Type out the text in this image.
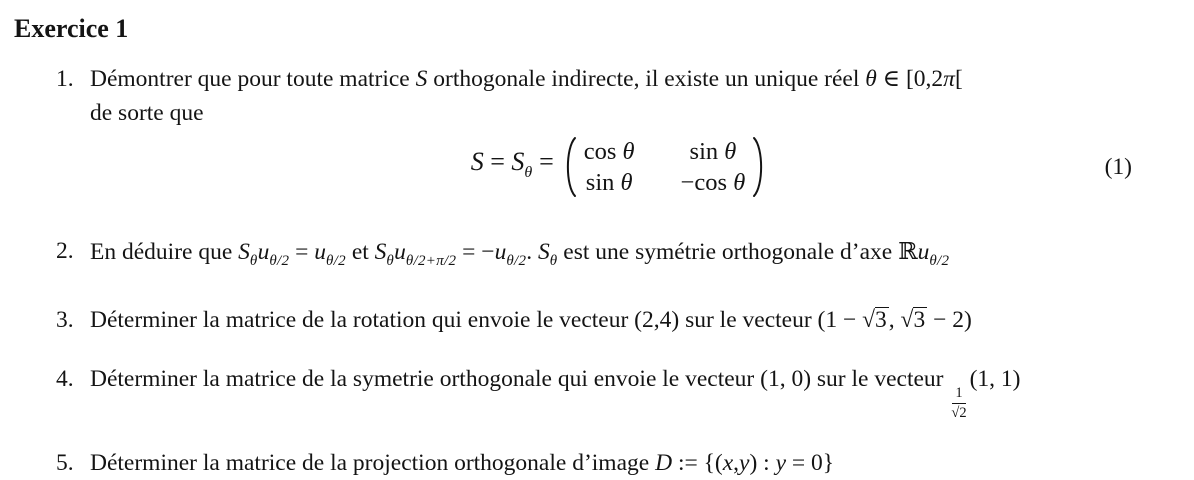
Exercice 1
1. Démontrer que pour toute matrice S orthogonale indirecte, il existe un unique réel θ ∈ [0,2π[
de sorte que
$S = S_\theta = \cos \theta$	sin θ
sin θ −cos θ
(1)
2. En déduire que $S_\theta u_{\theta/2} = u_{\theta/2}$ et $S_\theta u_{\theta/2+\pi/2} = -u_{\theta/2}$. $S_\theta$ est une symétrie orthogonale d’axe ℝu$_{\theta/2}$
3. Déterminer la matrice de la rotation qui envoie le vecteur (2,4) sur le vecteur (1 − √3, √3 − 2)
4. Déterminer la matrice de la symetrie orthogonale qui envoie le vecteur (1, 0) sur le vecteur
$\frac{1}{√2}$
(1, 1)
5. Déterminer la matrice de la projection orthogonale d’image D := {(x,y) : y = 0}
